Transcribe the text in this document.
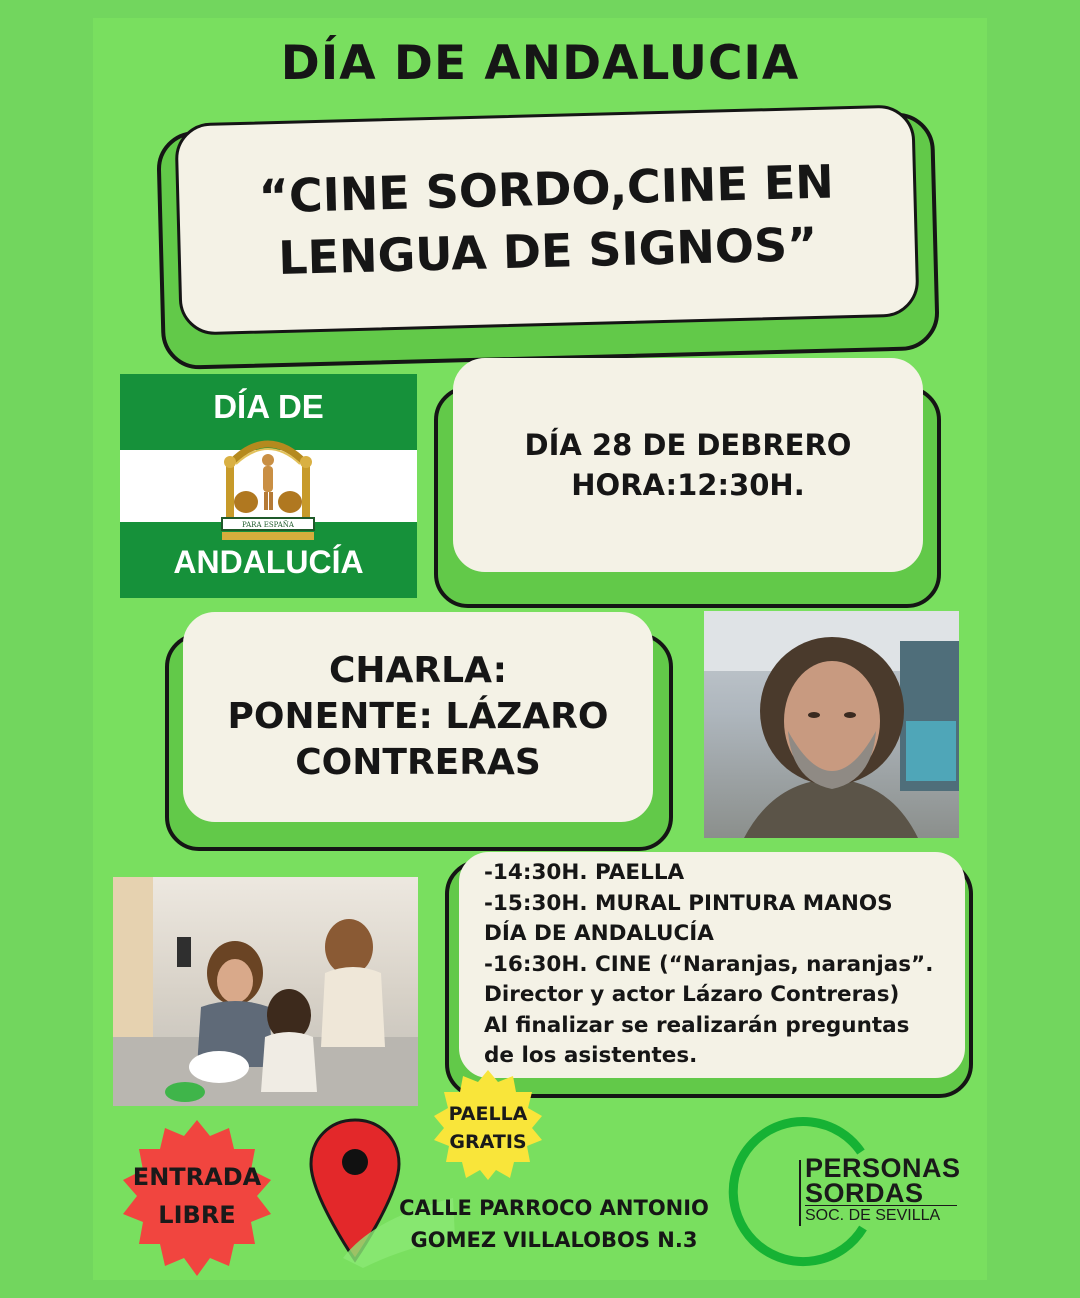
DÍA DE ANDALUCIA
“CINE SORDO,CINE EN
LENGUA DE SIGNOS”
DÍA DE
ANDALUCÍA
PARA ESPAÑA
DÍA 28 DE DEBRERO
HORA:12:30H.
CHARLA:
PONENTE: LÁZARO
CONTRERAS
-14:30H. PAELLA
-15:30H. MURAL PINTURA MANOS
DÍA DE ANDALUCÍA
-16:30H. CINE (“Naranjas, naranjas”.
Director y actor Lázaro Contreras)
Al finalizar se realizarán preguntas
de los asistentes.
PAELLA
GRATIS
ENTRADA
LIBRE	CALLE PARROCO ANTONIO
GOMEZ VILLALOBOS N.3
PERSONAS
SORDAS
SOC. DE SEVILLA
